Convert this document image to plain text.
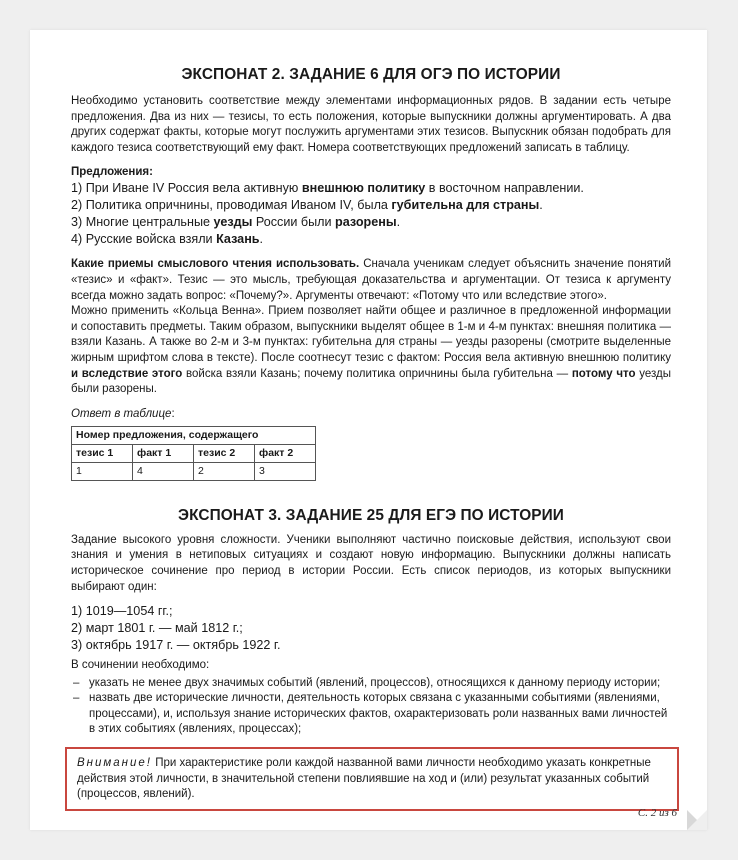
ЭКСПОНАТ 2. ЗАДАНИЕ 6 ДЛЯ ОГЭ ПО ИСТОРИИ

Необходимо установить соответствие между элементами информационных рядов. В задании есть четыре предложения. Два из них — тезисы, то есть положения, которые выпускники должны аргументировать. А два других содержат факты, которые могут послужить аргументами этих тезисов. Выпускник обязан подобрать для каждого тезиса соответствующий ему факт. Номера соответствующих предложений записать в таблицу.

Предложения:
1) При Иване IV Россия вела активную внешнюю политику в восточном направлении.
2) Политика опричнины, проводимая Иваном IV, была губительна для страны.
3) Многие центральные уезды России были разорены.
4) Русские войска взяли Казань.

Какие приемы смыслового чтения использовать. Сначала ученикам следует объяснить значение понятий «тезис» и «факт». Тезис — это мысль, требующая доказательства и аргументации. От тезиса к аргументу всегда можно задать вопрос: «Почему?». Аргументы отвечают: «Потому что или вследствие этого».

Можно применить «Кольца Венна». Прием позволяет найти общее и различное в предложенной информации и сопоставить предметы. Таким образом, выпускники выделят общее в 1-м и 4-м пунктах: внешняя политика — взяли Казань. А также во 2-м и 3-м пунктах: губительна для страны — уезды разорены (смотрите выделенные жирным шрифтом слова в тексте). После соотнесут тезис с фактом: Россия вела активную внешнюю политику и вследствие этого войска взяли Казань; почему политика опричнины была губительна — потому что уезды были разорены.

Ответ в таблице:
Номер предложения, содержащего			
тезис 1	факт 1	тезис 2	факт 2
1	4	2	3
ЭКСПОНАТ 3. ЗАДАНИЕ 25 ДЛЯ ЕГЭ ПО ИСТОРИИ

Задание высокого уровня сложности. Ученики выполняют частично поисковые действия, используют свои знания и умения в нетиповых ситуациях и создают новую информацию. Выпускники должны написать историческое сочинение про период в истории России. Есть список периодов, из которых выпускники выбирают один:

1) 1019—1054 гг.;
2) март 1801 г. — май 1812 г.;
3) октябрь 1917 г. — октябрь 1922 г.

В сочинении необходимо:

– указать не менее двух значимых событий (явлений, процессов), относящихся к данному периоду истории;
– назвать две исторические личности, деятельность которых связана с указанными событиями (явлениями, процессами), и, используя знание исторических фактов, охарактеризовать роли названных вами личностей в этих событиях (явлениях, процессах);
Внимание! При характеристике роли каждой названной вами личности необходимо указать конкретные действия этой личности, в значительной степени повлиявшие на ход и (или) результат указанных событий (процессов, явлений).
С. 2 из 6
